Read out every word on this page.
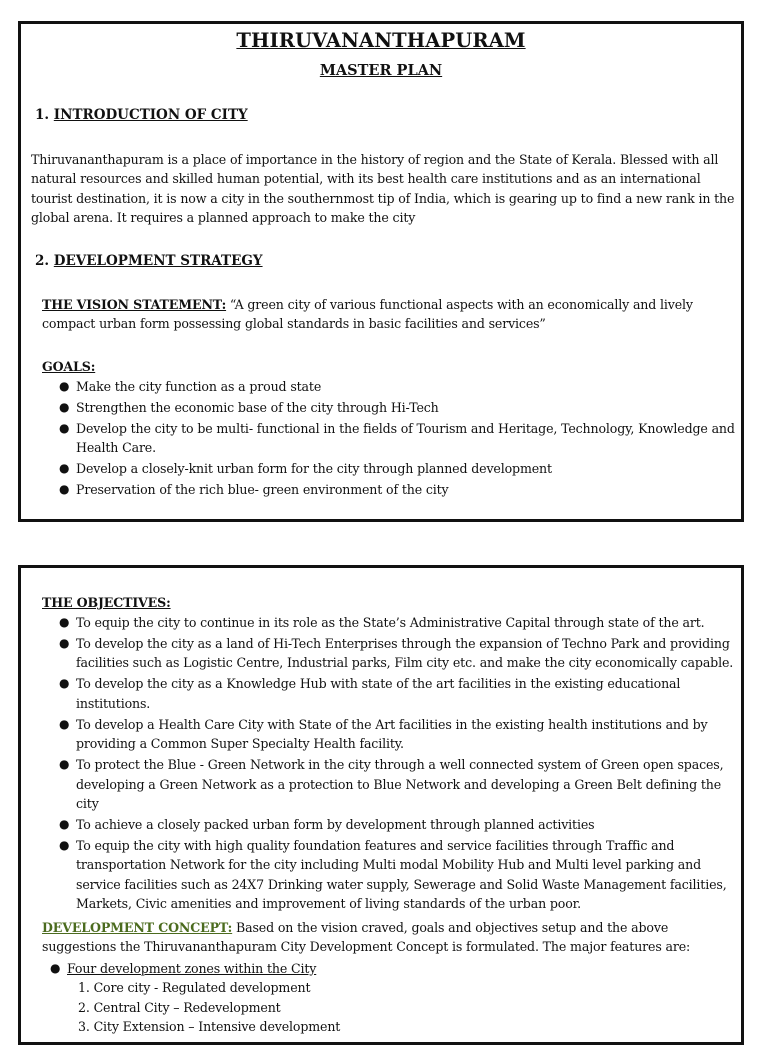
THIRUVANANTHAPURAM
MASTER PLAN
1. INTRODUCTION OF CITY

Thiruvananthapuram is a place of importance in the history of region and the State of Kerala. Blessed with all natural resources and skilled human potential, with its best health care institutions and as an international tourist destination, it is now a city in the southernmost tip of India, which is gearing up to find a new rank in the global arena. It requires a planned approach to make the city

2. DEVELOPMENT STRATEGY

THE VISION STATEMENT: “A green city of various functional aspects with an economically and lively compact urban form possessing global standards in basic facilities and services”

GOALS:
● Make the city function as a proud state
● Strengthen the economic base of the city through Hi-Tech
● Develop the city to be multi- functional in the fields of Tourism and Heritage, Technology, Knowledge and Health Care.
● Develop a closely-knit urban form for the city through planned development
● Preservation of the rich blue- green environment of the city
THE OBJECTIVES:
● To equip the city to continue in its role as the State’s Administrative Capital through state of the art.
● To develop the city as a land of Hi-Tech Enterprises through the expansion of Techno Park and providing facilities such as Logistic Centre, Industrial parks, Film city etc. and make the city economically capable.
● To develop the city as a Knowledge Hub with state of the art facilities in the existing educational institutions.
● To develop a Health Care City with State of the Art facilities in the existing health institutions and by providing a Common Super Specialty Health facility.
● To protect the Blue - Green Network in the city through a well connected system of Green open spaces, developing a Green Network as a protection to Blue Network and developing a Green Belt defining the city
● To achieve a closely packed urban form by development through planned activities
● To equip the city with high quality foundation features and service facilities through Traffic and transportation Network for the city including Multi modal Mobility Hub and Multi level parking and service facilities such as 24X7 Drinking water supply, Sewerage and Solid Waste Management facilities, Markets, Civic amenities and improvement of living standards of the urban poor.

DEVELOPMENT CONCEPT: Based on the vision craved, goals and objectives setup and the above suggestions the Thiruvananthapuram City Development Concept is formulated. The major features are:

● Four development zones within the City
1. Core city - Regulated development
2. Central City – Redevelopment
3. City Extension – Intensive development
